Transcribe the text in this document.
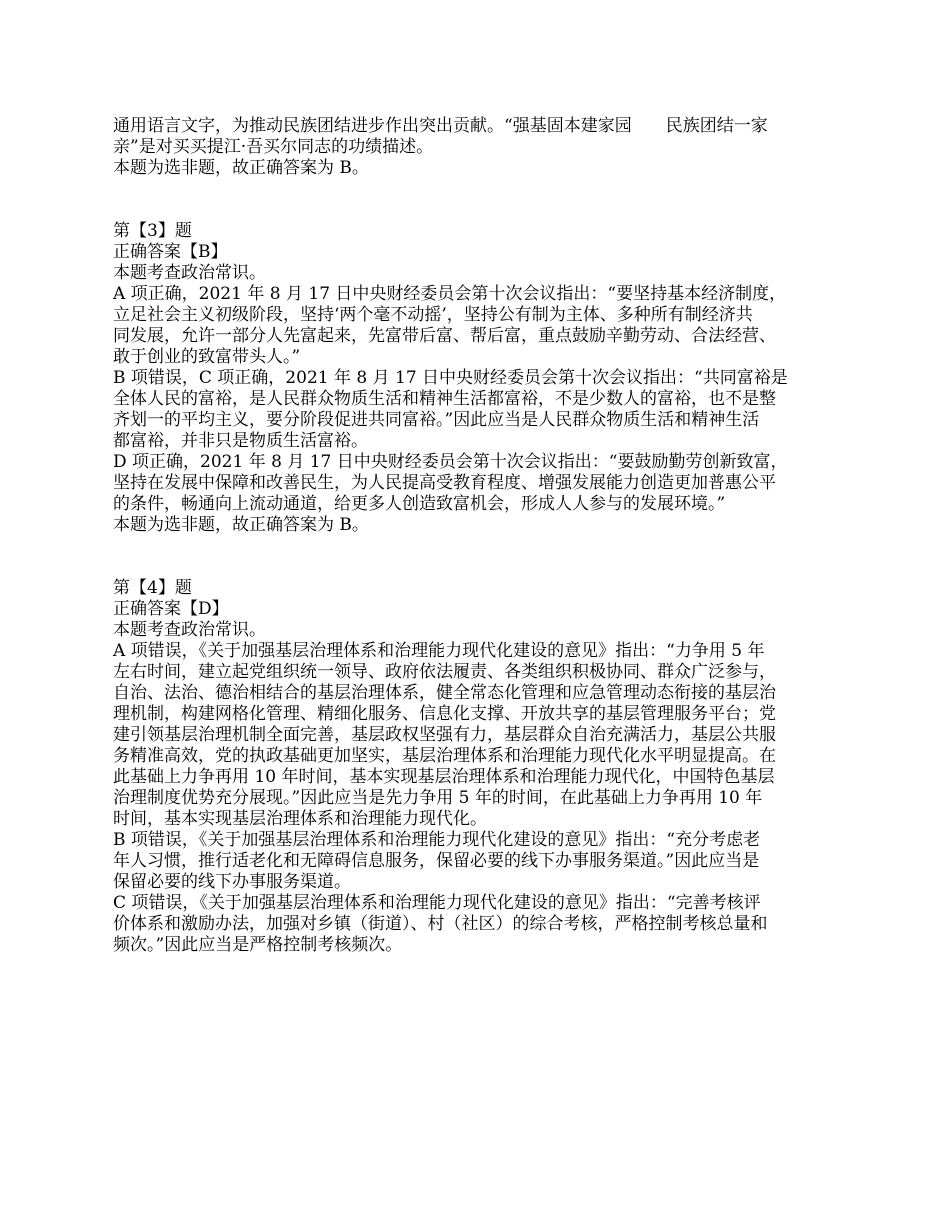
通用语言文字，为推动民族团结进步作出突出贡献。“强基固本建家园　　民族团结一家

亲”是对买买提江·吾买尔同志的功绩描述。

本题为选非题，故正确答案为 B。

第【3】题

正确答案【B】

本题考查政治常识。

A 项正确，2021 年 8 月 17 日中央财经委员会第十次会议指出：“要坚持基本经济制度，

立足社会主义初级阶段，坚持‘两个毫不动摇’，坚持公有制为主体、多种所有制经济共

同发展，允许一部分人先富起来，先富带后富、帮后富，重点鼓励辛勤劳动、合法经营、

敢于创业的致富带头人。”

B 项错误，C 项正确，2021 年 8 月 17 日中央财经委员会第十次会议指出：“共同富裕是

全体人民的富裕，是人民群众物质生活和精神生活都富裕，不是少数人的富裕，也不是整

齐划一的平均主义，要分阶段促进共同富裕。”因此应当是人民群众物质生活和精神生活

都富裕，并非只是物质生活富裕。

D 项正确，2021 年 8 月 17 日中央财经委员会第十次会议指出：“要鼓励勤劳创新致富，

坚持在发展中保障和改善民生，为人民提高受教育程度、增强发展能力创造更加普惠公平

的条件，畅通向上流动通道，给更多人创造致富机会，形成人人参与的发展环境。”

本题为选非题，故正确答案为 B。

第【4】题

正确答案【D】

本题考查政治常识。

A 项错误，《关于加强基层治理体系和治理能力现代化建设的意见》指出：“力争用 5 年

左右时间，建立起党组织统一领导、政府依法履责、各类组织积极协同、群众广泛参与，

自治、法治、德治相结合的基层治理体系，健全常态化管理和应急管理动态衔接的基层治

理机制，构建网格化管理、精细化服务、信息化支撑、开放共享的基层管理服务平台；党

建引领基层治理机制全面完善，基层政权坚强有力，基层群众自治充满活力，基层公共服

务精准高效，党的执政基础更加坚实，基层治理体系和治理能力现代化水平明显提高。在

此基础上力争再用 10 年时间，基本实现基层治理体系和治理能力现代化，中国特色基层

治理制度优势充分展现。”因此应当是先力争用 5 年的时间，在此基础上力争再用 10 年

时间，基本实现基层治理体系和治理能力现代化。

B 项错误，《关于加强基层治理体系和治理能力现代化建设的意见》指出：“充分考虑老

年人习惯，推行适老化和无障碍信息服务，保留必要的线下办事服务渠道。”因此应当是

保留必要的线下办事服务渠道。

C 项错误，《关于加强基层治理体系和治理能力现代化建设的意见》指出：“完善考核评

价体系和激励办法，加强对乡镇（街道）、村（社区）的综合考核，严格控制考核总量和

频次。”因此应当是严格控制考核频次。
